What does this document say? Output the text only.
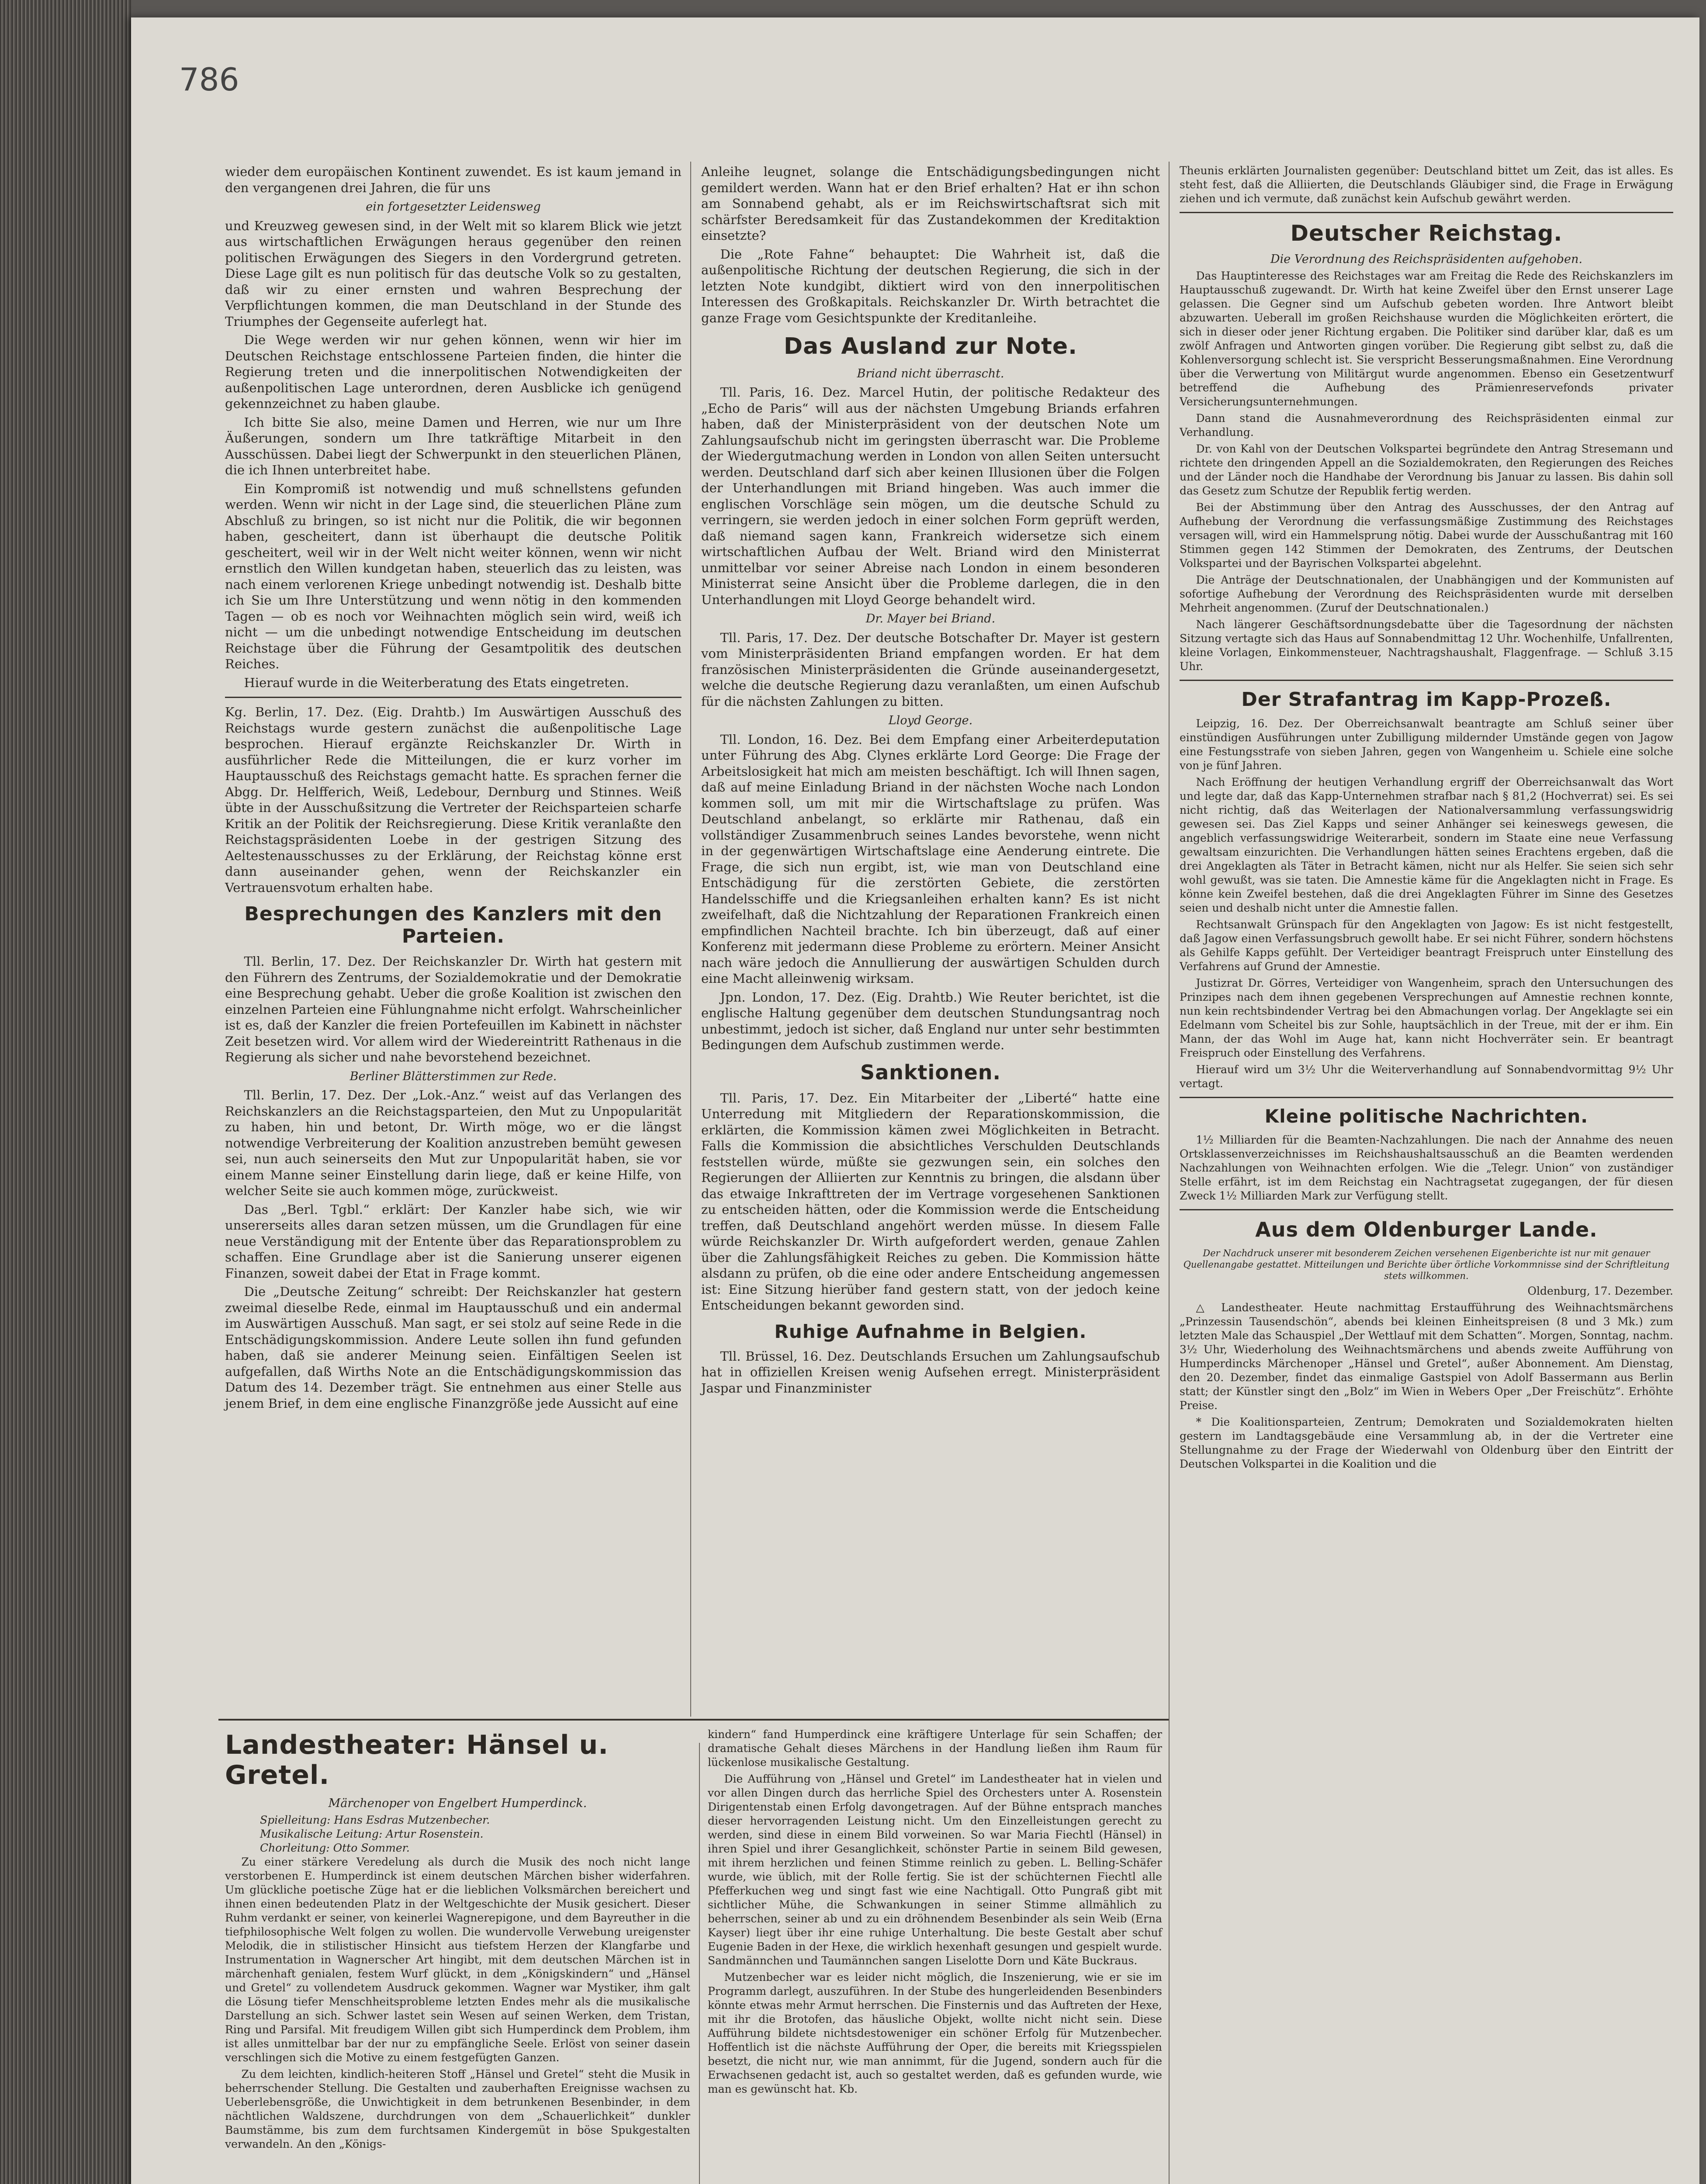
786

wieder dem europäischen Kontinent zuwendet. Es ist kaum jemand in den vergangenen drei Jahren, die für uns

ein fortgesetzter Leidensweg

und Kreuzweg gewesen sind, in der Welt mit so klarem Blick wie jetzt aus wirtschaftlichen Erwägungen heraus gegenüber den reinen politischen Erwägungen des Siegers in den Vordergrund getreten. Diese Lage gilt es nun politisch für das deutsche Volk so zu gestalten, daß wir zu einer ernsten und wahren Besprechung der Verpflichtungen kommen, die man Deutschland in der Stunde des Triumphes der Gegenseite auferlegt hat.

Die Wege werden wir nur gehen können, wenn wir hier im Deutschen Reichstage entschlossene Parteien finden, die hinter die Regierung treten und die innerpolitischen Notwendigkeiten der außenpolitischen Lage unterordnen, deren Ausblicke ich genügend gekennzeichnet zu haben glaube.

Ich bitte Sie also, meine Damen und Herren, wie nur um Ihre Äußerungen, sondern um Ihre tatkräftige Mitarbeit in den Ausschüssen. Dabei liegt der Schwerpunkt in den steuerlichen Plänen, die ich Ihnen unterbreitet habe.

Ein Kompromiß ist notwendig und muß schnellstens gefunden werden. Wenn wir nicht in der Lage sind, die steuerlichen Pläne zum Abschluß zu bringen, so ist nicht nur die Politik, die wir begonnen haben, gescheitert, dann ist überhaupt die deutsche Politik gescheitert, weil wir in der Welt nicht weiter können, wenn wir nicht ernstlich den Willen kundgetan haben, steuerlich das zu leisten, was nach einem verlorenen Kriege unbedingt notwendig ist. Deshalb bitte ich Sie um Ihre Unterstützung und wenn nötig in den kommenden Tagen — ob es noch vor Weihnachten möglich sein wird, weiß ich nicht — um die unbedingt notwendige Entscheidung im deutschen Reichstage über die Führung der Gesamtpolitik des deutschen Reiches.

Hierauf wurde in die Weiterberatung des Etats eingetreten.

Kg. Berlin, 17. Dez. (Eig. Drahtb.) Im Auswärtigen Ausschuß des Reichstags wurde gestern zunächst die außenpolitische Lage besprochen. Hierauf ergänzte Reichskanzler Dr. Wirth in ausführlicher Rede die Mitteilungen, die er kurz vorher im Hauptausschuß des Reichstags gemacht hatte. Es sprachen ferner die Abgg. Dr. Helfferich, Weiß, Ledebour, Dernburg und Stinnes. Weiß übte in der Ausschußsitzung die Vertreter der Reichsparteien scharfe Kritik an der Politik der Reichsregierung. Diese Kritik veranlaßte den Reichstagspräsidenten Loebe in der gestrigen Sitzung des Aeltestenausschusses zu der Erklärung, der Reichstag könne erst dann auseinander gehen, wenn der Reichskanzler ein Vertrauensvotum erhalten habe.

Besprechungen des Kanzlers mit den Parteien.

Tll. Berlin, 17. Dez. Der Reichskanzler Dr. Wirth hat gestern mit den Führern des Zentrums, der Sozialdemokratie und der Demokratie eine Besprechung gehabt. Ueber die große Koalition ist zwischen den einzelnen Parteien eine Fühlungnahme nicht erfolgt. Wahrscheinlicher ist es, daß der Kanzler die freien Portefeuillen im Kabinett in nächster Zeit besetzen wird. Vor allem wird der Wiedereintritt Rathenaus in die Regierung als sicher und nahe bevorstehend bezeichnet.

Berliner Blätterstimmen zur Rede.

Tll. Berlin, 17. Dez. Der „Lok.-Anz.“ weist auf das Verlangen des Reichskanzlers an die Reichstagsparteien, den Mut zu Unpopularität zu haben, hin und betont, Dr. Wirth möge, wo er die längst notwendige Verbreiterung der Koalition anzustreben bemüht gewesen sei, nun auch seinerseits den Mut zur Unpopularität haben, sie vor einem Manne seiner Einstellung darin liege, daß er keine Hilfe, von welcher Seite sie auch kommen möge, zurückweist.

Das „Berl. Tgbl.“ erklärt: Der Kanzler habe sich, wie wir unsererseits alles daran setzen müssen, um die Grundlagen für eine neue Verständigung mit der Entente über das Reparationsproblem zu schaffen. Eine Grundlage aber ist die Sanierung unserer eigenen Finanzen, soweit dabei der Etat in Frage kommt.

Die „Deutsche Zeitung“ schreibt: Der Reichskanzler hat gestern zweimal dieselbe Rede, einmal im Hauptausschuß und ein andermal im Auswärtigen Ausschuß. Man sagt, er sei stolz auf seine Rede in die Entschädigungskommission. Andere Leute sollen ihn fund gefunden haben, daß sie anderer Meinung seien. Einfältigen Seelen ist aufgefallen, daß Wirths Note an die Entschädigungskommission das Datum des 14. Dezember trägt. Sie entnehmen aus einer Stelle aus jenem Brief, in dem eine englische Finanzgröße jede Aussicht auf eine

Anleihe leugnet, solange die Entschädigungsbedingungen nicht gemildert werden. Wann hat er den Brief erhalten? Hat er ihn schon am Sonnabend gehabt, als er im Reichswirtschaftsrat sich mit schärfster Beredsamkeit für das Zustandekommen der Kreditaktion einsetzte?

Die „Rote Fahne“ behauptet: Die Wahrheit ist, daß die außenpolitische Richtung der deutschen Regierung, die sich in der letzten Note kundgibt, diktiert wird von den innerpolitischen Interessen des Großkapitals. Reichskanzler Dr. Wirth betrachtet die ganze Frage vom Gesichtspunkte der Kreditanleihe.

Das Ausland zur Note.
Briand nicht überrascht.

Tll. Paris, 16. Dez. Marcel Hutin, der politische Redakteur des „Echo de Paris“ will aus der nächsten Umgebung Briands erfahren haben, daß der Ministerpräsident von der deutschen Note um Zahlungsaufschub nicht im geringsten überrascht war. Die Probleme der Wiedergutmachung werden in London von allen Seiten untersucht werden. Deutschland darf sich aber keinen Illusionen über die Folgen der Unterhandlungen mit Briand hingeben. Was auch immer die englischen Vorschläge sein mögen, um die deutsche Schuld zu verringern, sie werden jedoch in einer solchen Form geprüft werden, daß niemand sagen kann, Frankreich widersetze sich einem wirtschaftlichen Aufbau der Welt. Briand wird den Ministerrat unmittelbar vor seiner Abreise nach London in einem besonderen Ministerrat seine Ansicht über die Probleme darlegen, die in den Unterhandlungen mit Lloyd George behandelt wird.

Dr. Mayer bei Briand.

Tll. Paris, 17. Dez. Der deutsche Botschafter Dr. Mayer ist gestern vom Ministerpräsidenten Briand empfangen worden. Er hat dem französischen Ministerpräsidenten die Gründe auseinandergesetzt, welche die deutsche Regierung dazu veranlaßten, um einen Aufschub für die nächsten Zahlungen zu bitten.

Lloyd George.

Tll. London, 16. Dez. Bei dem Empfang einer Arbeiterdeputation unter Führung des Abg. Clynes erklärte Lord George: Die Frage der Arbeitslosigkeit hat mich am meisten beschäftigt. Ich will Ihnen sagen, daß auf meine Einladung Briand in der nächsten Woche nach London kommen soll, um mit mir die Wirtschaftslage zu prüfen. Was Deutschland anbelangt, so erklärte mir Rathenau, daß ein vollständiger Zusammenbruch seines Landes bevorstehe, wenn nicht in der gegenwärtigen Wirtschaftslage eine Aenderung eintrete. Die Frage, die sich nun ergibt, ist, wie man von Deutschland eine Entschädigung für die zerstörten Gebiete, die zerstörten Handelsschiffe und die Kriegsanleihen erhalten kann? Es ist nicht zweifelhaft, daß die Nichtzahlung der Reparationen Frankreich einen empfindlichen Nachteil brachte. Ich bin überzeugt, daß auf einer Konferenz mit jedermann diese Probleme zu erörtern. Meiner Ansicht nach wäre jedoch die Annullierung der auswärtigen Schulden durch eine Macht alleinwenig wirksam.

Jpn. London, 17. Dez. (Eig. Drahtb.) Wie Reuter berichtet, ist die englische Haltung gegenüber dem deutschen Stundungsantrag noch unbestimmt, jedoch ist sicher, daß England nur unter sehr bestimmten Bedingungen dem Aufschub zustimmen werde.

Sanktionen.

Tll. Paris, 17. Dez. Ein Mitarbeiter der „Liberté“ hatte eine Unterredung mit Mitgliedern der Reparationskommission, die erklärten, die Kommission kämen zwei Möglichkeiten in Betracht. Falls die Kommission die absichtliches Verschulden Deutschlands feststellen würde, müßte sie gezwungen sein, ein solches den Regierungen der Alliierten zur Kenntnis zu bringen, die alsdann über das etwaige Inkrafttreten der im Vertrage vorgesehenen Sanktionen zu entscheiden hätten, oder die Kommission werde die Entscheidung treffen, daß Deutschland angehört werden müsse. In diesem Falle würde Reichskanzler Dr. Wirth aufgefordert werden, genaue Zahlen über die Zahlungsfähigkeit Reiches zu geben. Die Kommission hätte alsdann zu prüfen, ob die eine oder andere Entscheidung angemessen ist: Eine Sitzung hierüber fand gestern statt, von der jedoch keine Entscheidungen bekannt geworden sind.

Ruhige Aufnahme in Belgien.

Tll. Brüssel, 16. Dez. Deutschlands Ersuchen um Zahlungsaufschub hat in offiziellen Kreisen wenig Aufsehen erregt. Ministerpräsident Jaspar und Finanzminister

Theunis erklärten Journalisten gegenüber: Deutschland bittet um Zeit, das ist alles. Es steht fest, daß die Alliierten, die Deutschlands Gläubiger sind, die Frage in Erwägung ziehen und ich vermute, daß zunächst kein Aufschub gewährt werden.

Deutscher Reichstag.
Die Verordnung des Reichspräsidenten aufgehoben.

Das Hauptinteresse des Reichstages war am Freitag die Rede des Reichskanzlers im Hauptausschuß zugewandt. Dr. Wirth hat keine Zweifel über den Ernst unserer Lage gelassen. Die Gegner sind um Aufschub gebeten worden. Ihre Antwort bleibt abzuwarten. Ueberall im großen Reichshause wurden die Möglichkeiten erörtert, die sich in dieser oder jener Richtung ergaben. Die Politiker sind darüber klar, daß es um zwölf Anfragen und Antworten gingen vorüber. Die Regierung gibt selbst zu, daß die Kohlenversorgung schlecht ist. Sie verspricht Besserungsmaßnahmen. Eine Verordnung über die Verwertung von Militärgut wurde angenommen. Ebenso ein Gesetzentwurf betreffend die Aufhebung des Prämienreservefonds privater Versicherungsunternehmungen.

Dann stand die Ausnahmeverordnung des Reichspräsidenten einmal zur Verhandlung.

Dr. von Kahl von der Deutschen Volkspartei begründete den Antrag Stresemann und richtete den dringenden Appell an die Sozialdemokraten, den Regierungen des Reiches und der Länder noch die Handhabe der Verordnung bis Januar zu lassen. Bis dahin soll das Gesetz zum Schutze der Republik fertig werden.

Bei der Abstimmung über den Antrag des Ausschusses, der den Antrag auf Aufhebung der Verordnung die verfassungsmäßige Zustimmung des Reichstages versagen will, wird ein Hammelsprung nötig. Dabei wurde der Ausschußantrag mit 160 Stimmen gegen 142 Stimmen der Demokraten, des Zentrums, der Deutschen Volkspartei und der Bayrischen Volkspartei abgelehnt.

Die Anträge der Deutschnationalen, der Unabhängigen und der Kommunisten auf sofortige Aufhebung der Verordnung des Reichspräsidenten wurde mit derselben Mehrheit angenommen. (Zuruf der Deutschnationalen.)

Nach längerer Geschäftsordnungsdebatte über die Tagesordnung der nächsten Sitzung vertagte sich das Haus auf Sonnabendmittag 12 Uhr. Wochenhilfe, Unfallrenten, kleine Vorlagen, Einkommensteuer, Nachtragshaushalt, Flaggenfrage. — Schluß 3.15 Uhr.

Der Strafantrag im Kapp-Prozeß.

Leipzig, 16. Dez. Der Oberreichsanwalt beantragte am Schluß seiner über einstündigen Ausführungen unter Zubilligung mildernder Umstände gegen von Jagow eine Festungsstrafe von sieben Jahren, gegen von Wangenheim u. Schiele eine solche von je fünf Jahren.

Nach Eröffnung der heutigen Verhandlung ergriff der Oberreichsanwalt das Wort und legte dar, daß das Kapp-Unternehmen strafbar nach § 81,2 (Hochverrat) sei. Es sei nicht richtig, daß das Weiterlagen der Nationalversammlung verfassungswidrig gewesen sei. Das Ziel Kapps und seiner Anhänger sei keineswegs gewesen, die angeblich verfassungswidrige Weiterarbeit, sondern im Staate eine neue Verfassung gewaltsam einzurichten. Die Verhandlungen hätten seines Erachtens ergeben, daß die drei Angeklagten als Täter in Betracht kämen, nicht nur als Helfer. Sie seien sich sehr wohl gewußt, was sie taten. Die Amnestie käme für die Angeklagten nicht in Frage. Es könne kein Zweifel bestehen, daß die drei Angeklagten Führer im Sinne des Gesetzes seien und deshalb nicht unter die Amnestie fallen.

Rechtsanwalt Grünspach für den Angeklagten von Jagow: Es ist nicht festgestellt, daß Jagow einen Verfassungsbruch gewollt habe. Er sei nicht Führer, sondern höchstens als Gehilfe Kapps gefühlt. Der Verteidiger beantragt Freispruch unter Einstellung des Verfahrens auf Grund der Amnestie.

Justizrat Dr. Görres, Verteidiger von Wangenheim, sprach den Untersuchungen des Prinzipes nach dem ihnen gegebenen Versprechungen auf Amnestie rechnen konnte, nun kein rechtsbindender Vertrag bei den Abmachungen vorlag. Der Angeklagte sei ein Edelmann vom Scheitel bis zur Sohle, hauptsächlich in der Treue, mit der er ihm. Ein Mann, der das Wohl im Auge hat, kann nicht Hochverräter sein. Er beantragt Freispruch oder Einstellung des Verfahrens.

Hierauf wird um 3½ Uhr die Weiterverhandlung auf Sonnabendvormittag 9½ Uhr vertagt.

Kleine politische Nachrichten.

1½ Milliarden für die Beamten-Nachzahlungen. Die nach der Annahme des neuen Ortsklassenverzeichnisses im Reichshaushaltsausschuß an die Beamten werdenden Nachzahlungen von Weihnachten erfolgen. Wie die „Telegr. Union“ von zuständiger Stelle erfährt, ist im dem Reichstag ein Nachtragsetat zugegangen, der für diesen Zweck 1½ Milliarden Mark zur Verfügung stellt.

Aus dem Oldenburger Lande.
Der Nachdruck unserer mit besonderem Zeichen versehenen Eigenberichte ist nur mit genauer Quellenangabe gestattet. Mitteilungen und Berichte über örtliche Vorkommnisse sind der Schriftleitung stets willkommen.

Oldenburg, 17. Dezember.

△ Landestheater. Heute nachmittag Erstaufführung des Weihnachtsmärchens „Prinzessin Tausendschön“, abends bei kleinen Einheitspreisen (8 und 3 Mk.) zum letzten Male das Schauspiel „Der Wettlauf mit dem Schatten“. Morgen, Sonntag, nachm. 3½ Uhr, Wiederholung des Weihnachtsmärchens und abends zweite Aufführung von Humperdincks Märchenoper „Hänsel und Gretel“, außer Abonnement. Am Dienstag, den 20. Dezember, findet das einmalige Gastspiel von Adolf Bassermann aus Berlin statt; der Künstler singt den „Bolz“ im Wien in Webers Oper „Der Freischütz“. Erhöhte Preise.

* Die Koalitionsparteien, Zentrum; Demokraten und Sozialdemokraten hielten gestern im Landtagsgebäude eine Versammlung ab, in der die Vertreter eine Stellungnahme zu der Frage der Wiederwahl von Oldenburg über den Eintritt der Deutschen Volkspartei in die Koalition und die

Landestheater: Hänsel u. Gretel.
Märchenoper von Engelbert Humperdinck.
Spielleitung: Hans Esdras Mutzenbecher.
Musikalische Leitung: Artur Rosenstein.
Chorleitung: Otto Sommer.

Zu einer stärkere Veredelung als durch die Musik des noch nicht lange verstorbenen E. Humperdinck ist einem deutschen Märchen bisher widerfahren. Um glückliche poetische Züge hat er die lieblichen Volksmärchen bereichert und ihnen einen bedeutenden Platz in der Weltgeschichte der Musik gesichert. Dieser Ruhm verdankt er seiner, von keinerlei Wagnerepigone, und dem Bayreuther in die tiefphilosophische Welt folgen zu wollen. Die wundervolle Verwebung ureigenster Melodik, die in stilistischer Hinsicht aus tiefstem Herzen der Klangfarbe und Instrumentation in Wagnerscher Art hingibt, mit dem deutschen Märchen ist in märchenhaft genialen, festem Wurf glückt, in dem „Königskindern“ und „Hänsel und Gretel“ zu vollendetem Ausdruck gekommen. Wagner war Mystiker, ihm galt die Lösung tiefer Menschheitsprobleme letzten Endes mehr als die musikalische Darstellung an sich. Schwer lastet sein Wesen auf seinen Werken, dem Tristan, Ring und Parsifal. Mit freudigem Willen gibt sich Humperdinck dem Problem, ihm ist alles unmittelbar bar der nur zu empfängliche Seele. Erlöst von seiner dasein verschlingen sich die Motive zu einem festgefügten Ganzen.

Zu dem leichten, kindlich-heiteren Stoff „Hänsel und Gretel“ steht die Musik in beherrschender Stellung. Die Gestalten und zauberhaften Ereignisse wachsen zu Ueberlebensgröße, die Unwichtigkeit in dem betrunkenen Besenbinder, in dem nächtlichen Waldszene, durchdrungen von dem „Schauerlichkeit“ dunkler Baumstämme, bis zum dem furchtsamen Kindergemüt in böse Spukgestalten verwandeln. An den „Königs-

kindern“ fand Humperdinck eine kräftigere Unterlage für sein Schaffen; der dramatische Gehalt dieses Märchens in der Handlung ließen ihm Raum für lückenlose musikalische Gestaltung.

Die Aufführung von „Hänsel und Gretel“ im Landestheater hat in vielen und vor allen Dingen durch das herrliche Spiel des Orchesters unter A. Rosenstein Dirigentenstab einen Erfolg davongetragen. Auf der Bühne entsprach manches dieser hervorragenden Leistung nicht. Um den Einzelleistungen gerecht zu werden, sind diese in einem Bild vorweinen. So war Maria Fiechtl (Hänsel) in ihren Spiel und ihrer Gesanglichkeit, schönster Partie in seinem Bild gewesen, mit ihrem herzlichen und feinen Stimme reinlich zu geben. L. Belling-Schäfer wurde, wie üblich, mit der Rolle fertig. Sie ist der schüchternen Fiechtl alle Pfefferkuchen weg und singt fast wie eine Nachtigall. Otto Pungraß gibt mit sichtlicher Mühe, die Schwankungen in seiner Stimme allmählich zu beherrschen, seiner ab und zu ein dröhnendem Besenbinder als sein Weib (Erna Kayser) liegt über ihr eine ruhige Unterhaltung. Die beste Gestalt aber schuf Eugenie Baden in der Hexe, die wirklich hexenhaft gesungen und gespielt wurde. Sandmännchen und Taumännchen sangen Liselotte Dorn und Käte Buckraus.

Mutzenbecher war es leider nicht möglich, die Inszenierung, wie er sie im Programm darlegt, auszuführen. In der Stube des hungerleidenden Besenbinders könnte etwas mehr Armut herrschen. Die Finsternis und das Auftreten der Hexe, mit ihr die Brotofen, das häusliche Objekt, wollte nicht nicht sein. Diese Aufführung bildete nichtsdestoweniger ein schöner Erfolg für Mutzenbecher. Hoffentlich ist die nächste Aufführung der Oper, die bereits mit Kriegsspielen besetzt, die nicht nur, wie man annimmt, für die Jugend, sondern auch für die Erwachsenen gedacht ist, auch so gestaltet werden, daß es gefunden wurde, wie man es gewünscht hat. Kb.
